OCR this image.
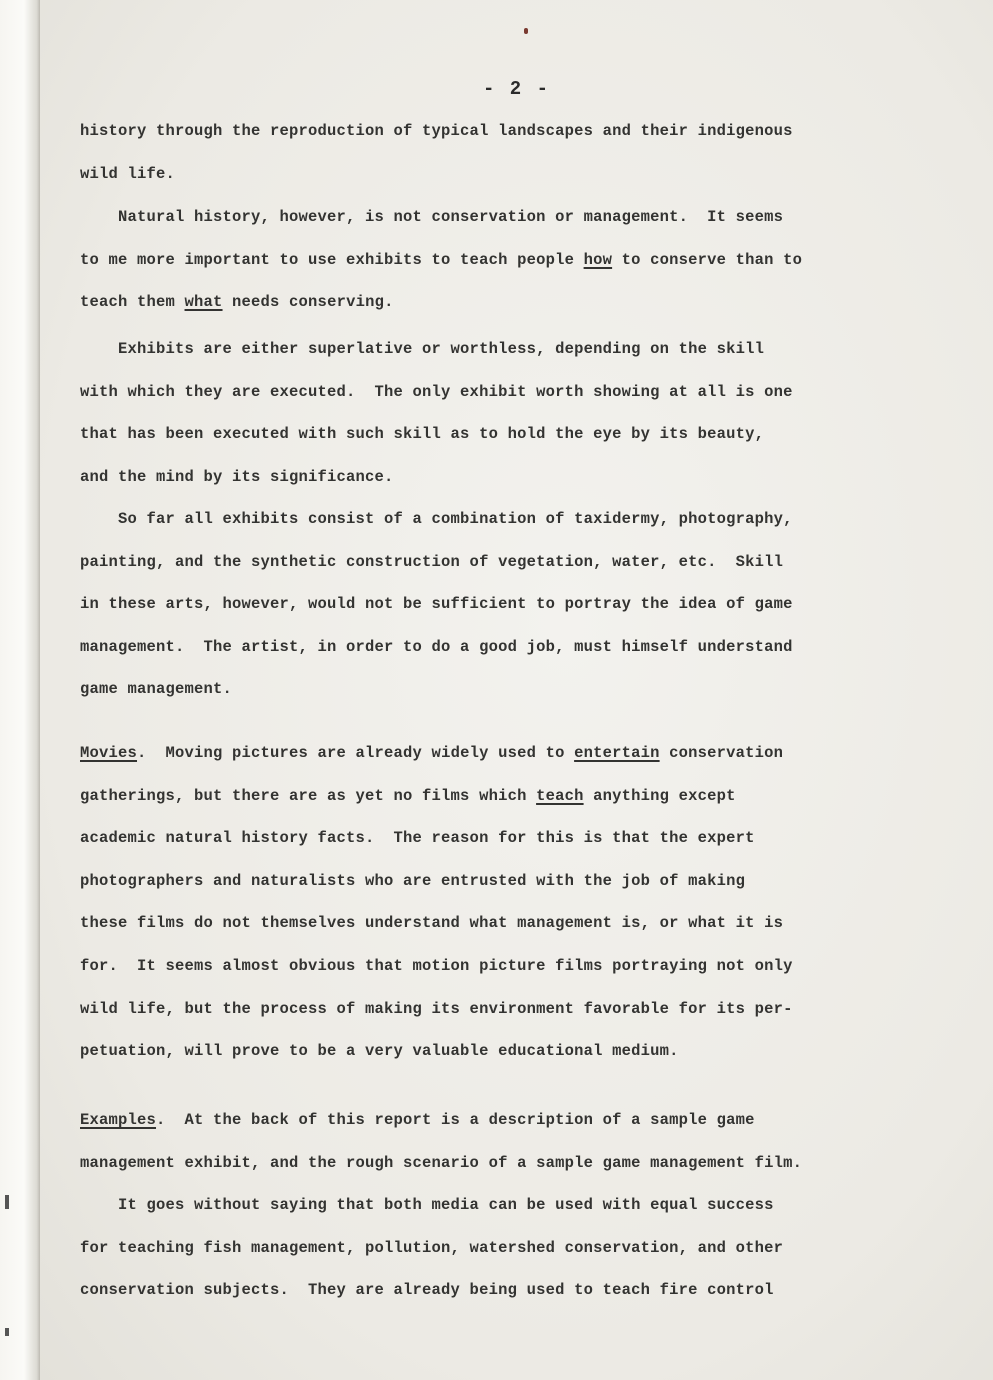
- 2 -
history through the reproduction of typical landscapes and their indigenous
wild life.
Natural history, however, is not conservation or management.  It seems
to me more important to use exhibits to teach people how to conserve than to
teach them what needs conserving.
Exhibits are either superlative or worthless, depending on the skill
with which they are executed.  The only exhibit worth showing at all is one
that has been executed with such skill as to hold the eye by its beauty,
and the mind by its significance.
So far all exhibits consist of a combination of taxidermy, photography,
painting, and the synthetic construction of vegetation, water, etc.  Skill
in these arts, however, would not be sufficient to portray the idea of game
management.  The artist, in order to do a good job, must himself understand
game management.
Movies.  Moving pictures are already widely used to entertain conservation
gatherings, but there are as yet no films which teach anything except
academic natural history facts.  The reason for this is that the expert
photographers and naturalists who are entrusted with the job of making
these films do not themselves understand what management is, or what it is
for.  It seems almost obvious that motion picture films portraying not only
wild life, but the process of making its environment favorable for its per-
petuation, will prove to be a very valuable educational medium.
Examples.  At the back of this report is a description of a sample game
management exhibit, and the rough scenario of a sample game management film.
It goes without saying that both media can be used with equal success
for teaching fish management, pollution, watershed conservation, and other
conservation subjects.  They are already being used to teach fire control
